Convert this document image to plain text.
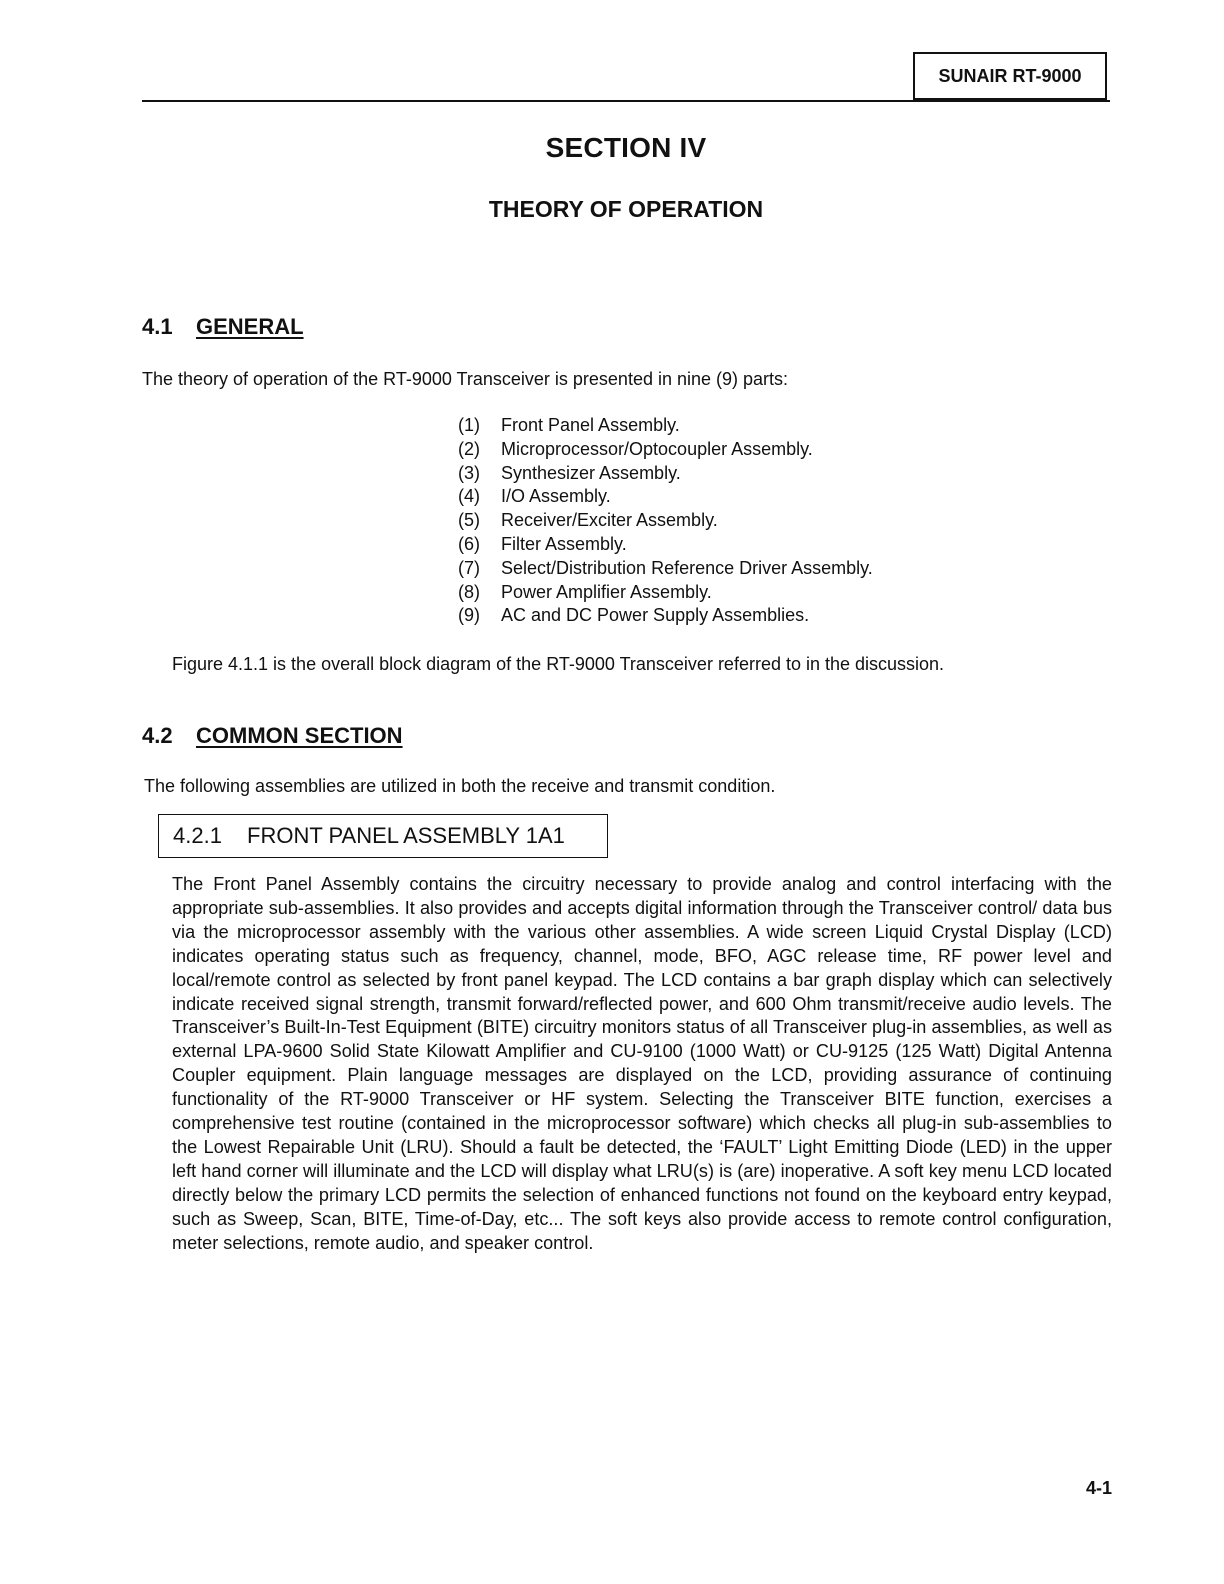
SUNAIR RT-9000
SECTION IV
THEORY OF OPERATION
4.1 GENERAL

The theory of operation of the RT-9000 Transceiver is presented in nine (9) parts:

(1)	Front Panel Assembly.
(2)	Microprocessor/Optocoupler Assembly.
(3)	Synthesizer Assembly.
(4)	I/O Assembly.
(5)	Receiver/Exciter Assembly.
(6)	Filter Assembly.
(7)	Select/Distribution Reference Driver Assembly.
(8)	Power Amplifier Assembly.
(9)	AC and DC Power Supply Assemblies.

Figure 4.1.1 is the overall block diagram of the RT-9000 Transceiver referred to in the discussion.

4.2 COMMON SECTION

The following assemblies are utilized in both the receive and transmit condition.

4.2.1	FRONT PANEL ASSEMBLY 1A1

The Front Panel Assembly contains the circuitry necessary to provide analog and control interfacing with the appropriate sub-assemblies. It also provides and accepts digital information through the Transceiver control/ data bus via the microprocessor assembly with the various other assemblies. A wide screen Liquid Crystal Display (LCD) indicates operating status such as frequency, channel, mode, BFO, AGC release time, RF power level and local/remote control as selected by front panel keypad. The LCD contains a bar graph display which can selectively indicate received signal strength, transmit forward/reflected power, and 600 Ohm transmit/receive audio levels. The Transceiver’s Built-In-Test Equipment (BITE) circuitry monitors status of all Transceiver plug-in assemblies, as well as external LPA-9600 Solid State Kilowatt Amplifier and CU-9100 (1000 Watt) or CU-9125 (125 Watt) Digital Antenna Coupler equipment. Plain language messages are displayed on the LCD, providing assurance of continuing functionality of the RT-9000 Transceiver or HF system. Selecting the Transceiver BITE function, exercises a comprehensive test routine (contained in the microprocessor software) which checks all plug-in sub-assemblies to the Lowest Repairable Unit (LRU). Should a fault be detected, the ‘FAULT’ Light Emitting Diode (LED) in the upper left hand corner will illuminate and the LCD will display what LRU(s) is (are) inoperative. A soft key menu LCD located directly below the primary LCD permits the selection of enhanced functions not found on the keyboard entry keypad, such as Sweep, Scan, BITE, Time-of-Day, etc... The soft keys also provide access to remote control configuration, meter selections, remote audio, and speaker control.

4-1
